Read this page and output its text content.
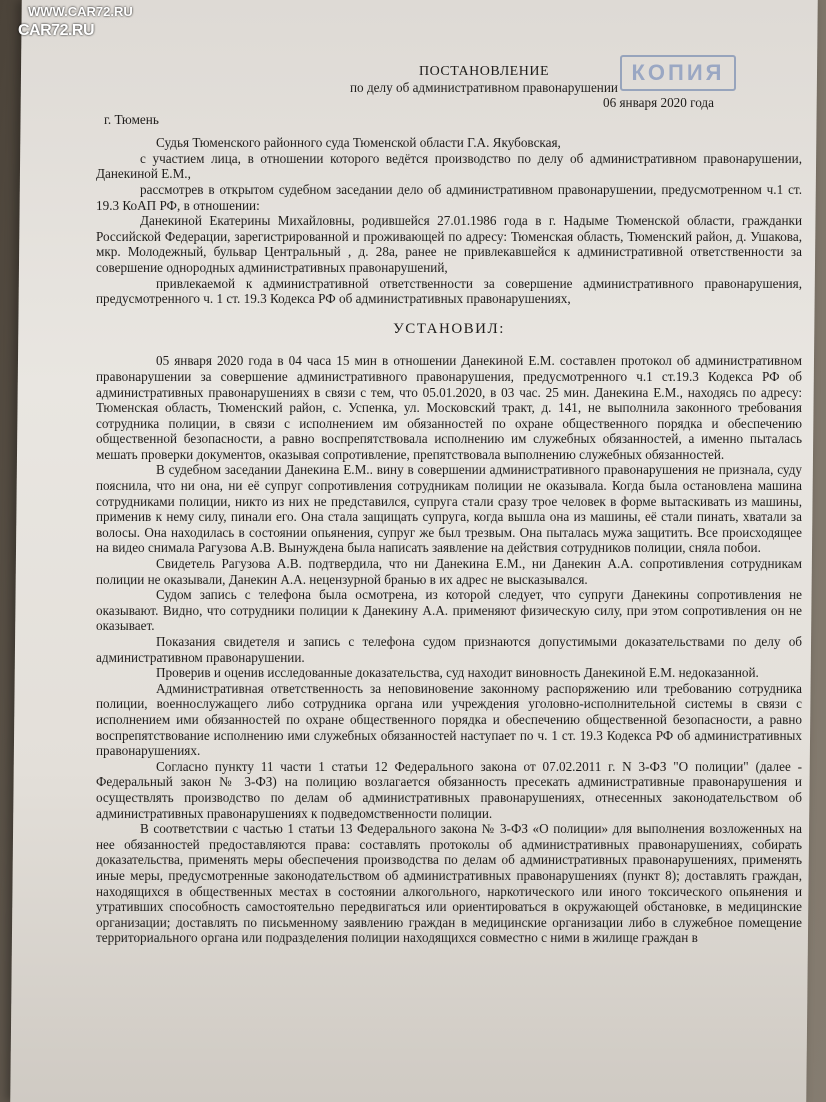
WWW.CAR72.RU
CAR72.RU
КОПИЯ
ПОСТАНОВЛЕНИЕ
по делу об административном правонарушении
г. Тюмень
06 января 2020 года

Судья Тюменского районного суда Тюменской области Г.А. Якубовская,

с участием лица, в отношении которого ведётся производство по делу об административном правонарушении, Данекиной Е.М.,

рассмотрев в открытом судебном заседании дело об административном правонарушении, предусмотренном ч.1 ст. 19.3 КоАП РФ, в отношении:

Данекиной Екатерины Михайловны, родившейся 27.01.1986 года в г. Надыме Тюменской области, гражданки Российской Федерации, зарегистрированной и проживающей по адресу: Тюменская область, Тюменский район, д. Ушакова, мкр. Молодежный, бульвар Центральный , д. 28а, ранее не привлекавшейся к административной ответственности за совершение однородных административных правонарушений,

привлекаемой к административной ответственности за совершение административного правонарушения, предусмотренного ч. 1 ст. 19.3 Кодекса РФ об административных правонарушениях,

УСТАНОВИЛ:

05 января 2020 года в 04 часа 15 мин в отношении Данекиной Е.М. составлен протокол об административном правонарушении за совершение административного правонарушения, предусмотренного ч.1 ст.19.3 Кодекса РФ об административных правонарушениях в связи с тем, что 05.01.2020, в 03 час. 25 мин. Данекина Е.М., находясь по адресу: Тюменская область, Тюменский район, с. Успенка, ул. Московский тракт, д. 141, не выполнила законного требования сотрудника полиции, в связи с исполнением им обязанностей по охране общественного порядка и обеспечению общественной безопасности, а равно воспрепятствовала исполнению им служебных обязанностей, а именно пыталась мешать проверки документов, оказывая сопротивление, препятствовала выполнению служебных обязанностей.

В судебном заседании Данекина Е.М.. вину в совершении административного правонарушения не признала, суду пояснила, что ни она, ни её супруг сопротивления сотрудникам полиции не оказывала. Когда была остановлена машина сотрудниками полиции, никто из них не представился, супруга стали сразу трое человек в форме вытаскивать из машины, применив к нему силу, пинали его. Она стала защищать супруга, когда вышла она из машины, её стали пинать, хватали за волосы. Она находилась в состоянии опьянения, супруг же был трезвым. Она пыталась мужа защитить. Все происходящее на видео снимала Рагузова А.В. Вынуждена была написать заявление на действия сотрудников полиции, сняла побои.

Свидетель Рагузова А.В. подтвердила, что ни Данекина Е.М., ни Данекин А.А. сопротивления сотрудникам полиции не оказывали, Данекин А.А. нецензурной бранью в их адрес не высказывался.

Судом запись с телефона была осмотрена, из которой следует, что супруги Данекины сопротивления не оказывают. Видно, что сотрудники полиции к Данекину А.А. применяют физическую силу, при этом сопротивления он не оказывает.

Показания свидетеля и запись с телефона судом признаются допустимыми доказательствами по делу об административном правонарушении.

Проверив и оценив исследованные доказательства, суд находит виновность Данекиной Е.М. недоказанной.

Административная ответственность за неповиновение законному распоряжению или требованию сотрудника полиции, военнослужащего либо сотрудника органа или учреждения уголовно-исполнительной системы в связи с исполнением ими обязанностей по охране общественного порядка и обеспечению общественной безопасности, а равно воспрепятствование исполнению ими служебных обязанностей наступает по ч. 1 ст. 19.3 Кодекса РФ об административных правонарушениях.

Согласно пункту 11 части 1 статьи 12 Федерального закона от 07.02.2011 г. N 3-ФЗ "О полиции" (далее - Федеральный закон № 3-ФЗ) на полицию возлагается обязанность пресекать административные правонарушения и осуществлять производство по делам об административных правонарушениях, отнесенных законодательством об административных правонарушениях к подведомственности полиции.

В соответствии с частью 1 статьи 13 Федерального закона № 3-ФЗ «О полиции» для выполнения возложенных на нее обязанностей предоставляются права: составлять протоколы об административных правонарушениях, собирать доказательства, применять меры обеспечения производства по делам об административных правонарушениях, применять иные меры, предусмотренные законодательством об административных правонарушениях (пункт 8); доставлять граждан, находящихся в общественных местах в состоянии алкогольного, наркотического или иного токсического опьянения и утративших способность самостоятельно передвигаться или ориентироваться в окружающей обстановке, в медицинские организации; доставлять по письменному заявлению граждан в медицинские организации либо в служебное помещение территориального органа или подразделения полиции находящихся совместно с ними в жилище граждан в
